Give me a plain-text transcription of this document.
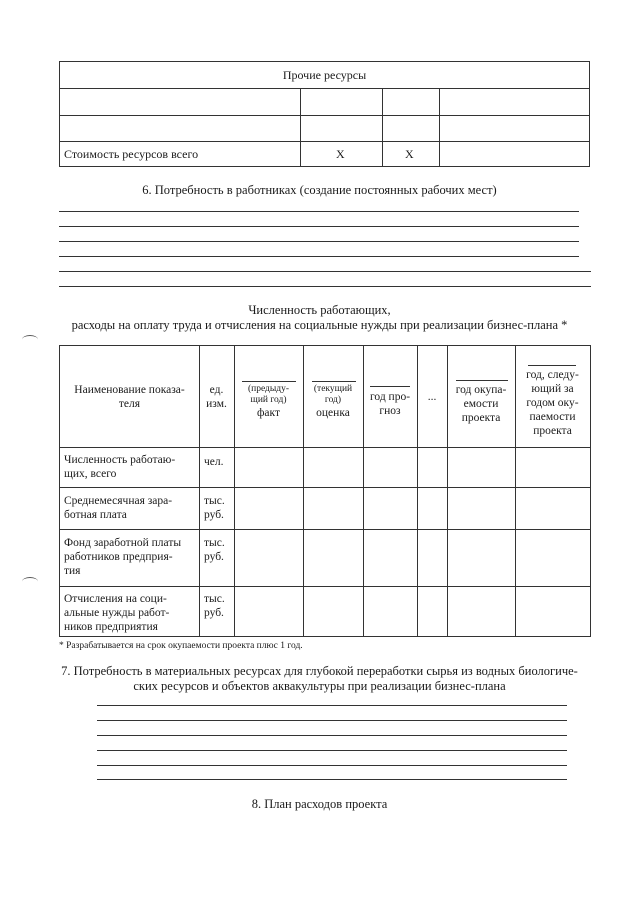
Прочие ресурсы
Стоимость ресурсов всего	Х	Х
6. Потребность в работниках (создание постоянных рабочих мест)
Численность работающих,
расходы на оплату труда и отчисления на социальные нужды при реализации бизнес-плана *
Наименование показа-
теля
ед.
изм.
(предыду-
щий год)
факт
(текущий
год)
оценка
год про-
гноз
...
год окупа-
емости
проекта
год, следу-
ющий за
годом оку-
паемости
проекта
Численность работаю-
щих, всего
чел.
Среднемесячная зара-
ботная плата
тыс.
руб.
Фонд заработной платы
работников предприя-
тия
тыс.
руб.
Отчисления на соци-
альные нужды работ-
ников предприятия
тыс.
руб.
* Разрабатывается на срок окупаемости проекта плюс 1 год.
7. Потребность в материальных ресурсах для глубокой переработки сырья из водных биологиче-
ских ресурсов и объектов аквакультуры при реализации бизнес-плана
8. План расходов проекта
